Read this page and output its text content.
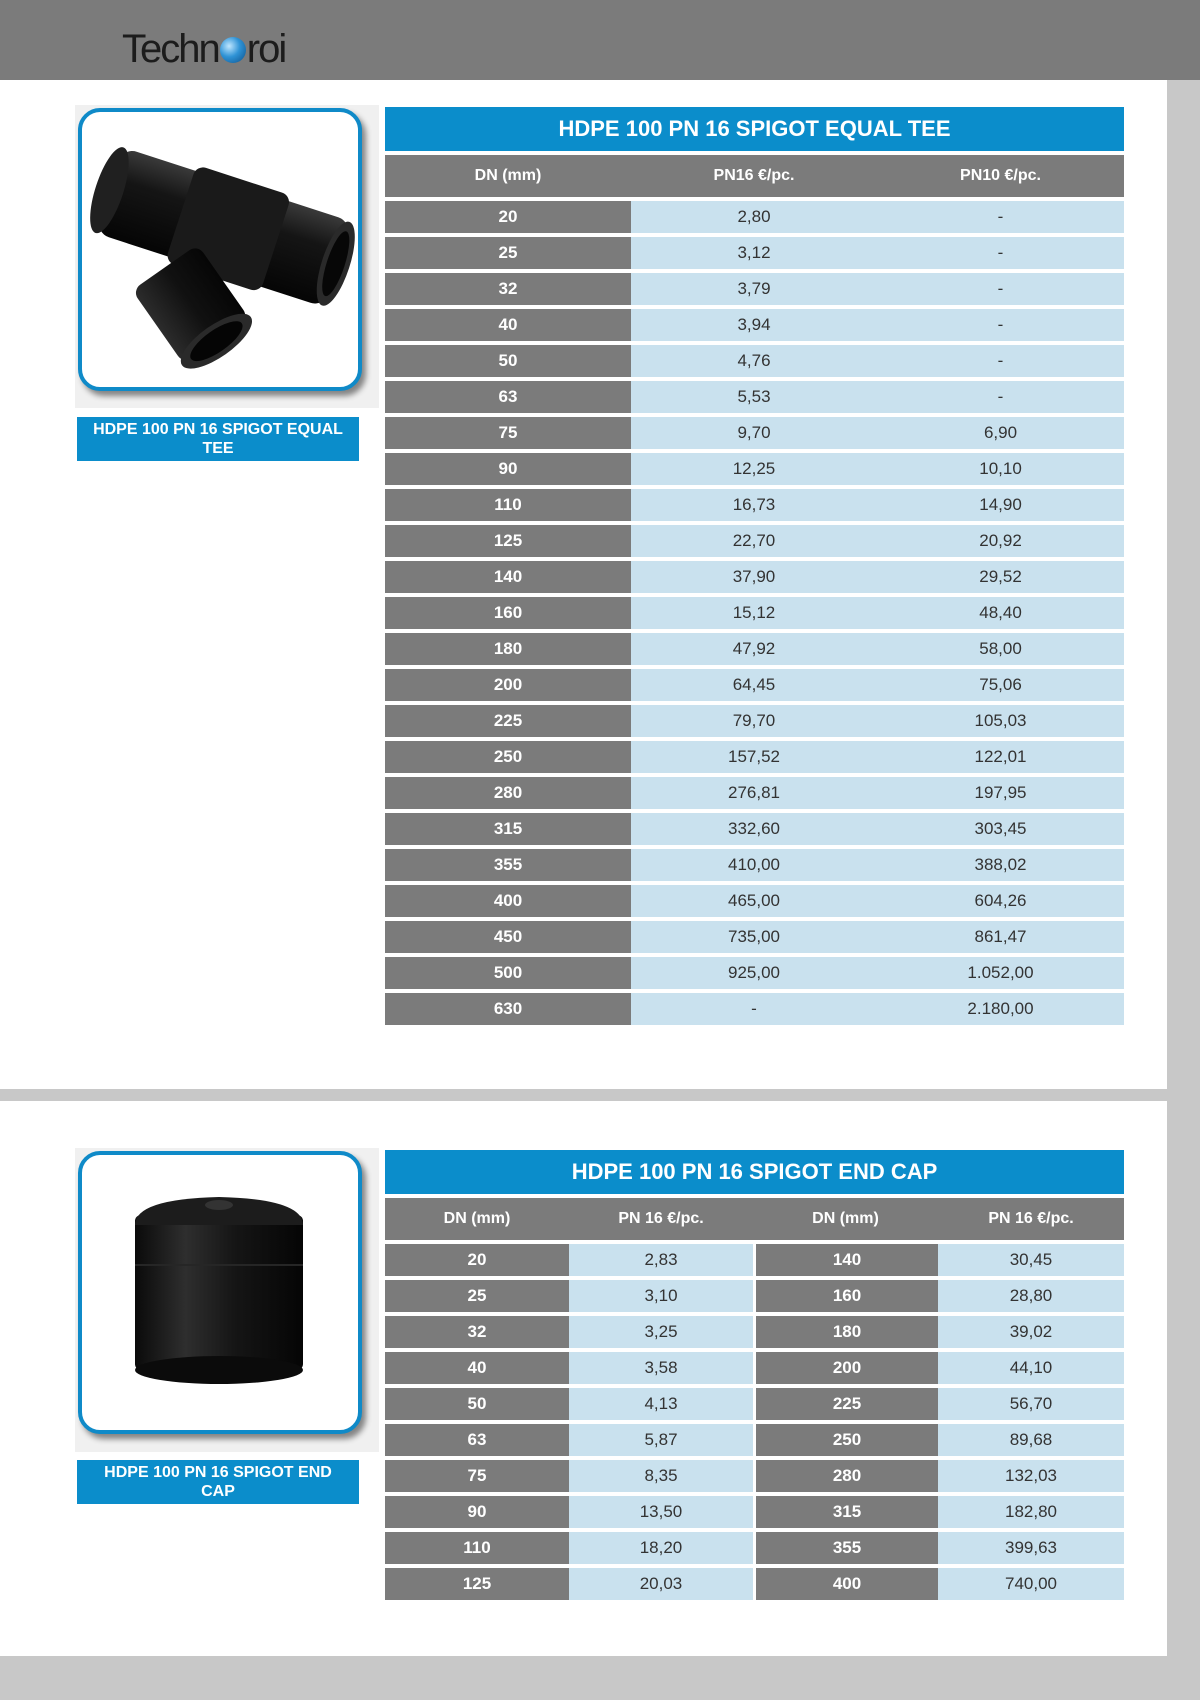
Techn roi
HDPE 100 PN 16 SPIGOT EQUAL TEE
HDPE 100 PN 16 SPIGOT EQUAL TEE		
DN (mm)	PN16 €/pc.	PN10 €/pc.
20	2,80	-
25	3,12	-
32	3,79	-
40	3,94	-
50	4,76	-
63	5,53	-
75	9,70	6,90
90	12,25	10,10
110	16,73	14,90
125	22,70	20,92
140	37,90	29,52
160	15,12	48,40
180	47,92	58,00
200	64,45	75,06
225	79,70	105,03
250	157,52	122,01
280	276,81	197,95
315	332,60	303,45
355	410,00	388,02
400	465,00	604,26
450	735,00	861,47
500	925,00	1.052,00
630	-	2.180,00
HDPE 100 PN 16 SPIGOT END CAP
HDPE 100 PN 16 SPIGOT END CAP			
DN (mm)	PN 16 €/pc.	DN (mm)	PN 16 €/pc.
20	2,83	140	30,45
25	3,10	160	28,80
32	3,25	180	39,02
40	3,58	200	44,10
50	4,13	225	56,70
63	5,87	250	89,68
75	8,35	280	132,03
90	13,50	315	182,80
110	18,20	355	399,63
125	20,03	400	740,00
